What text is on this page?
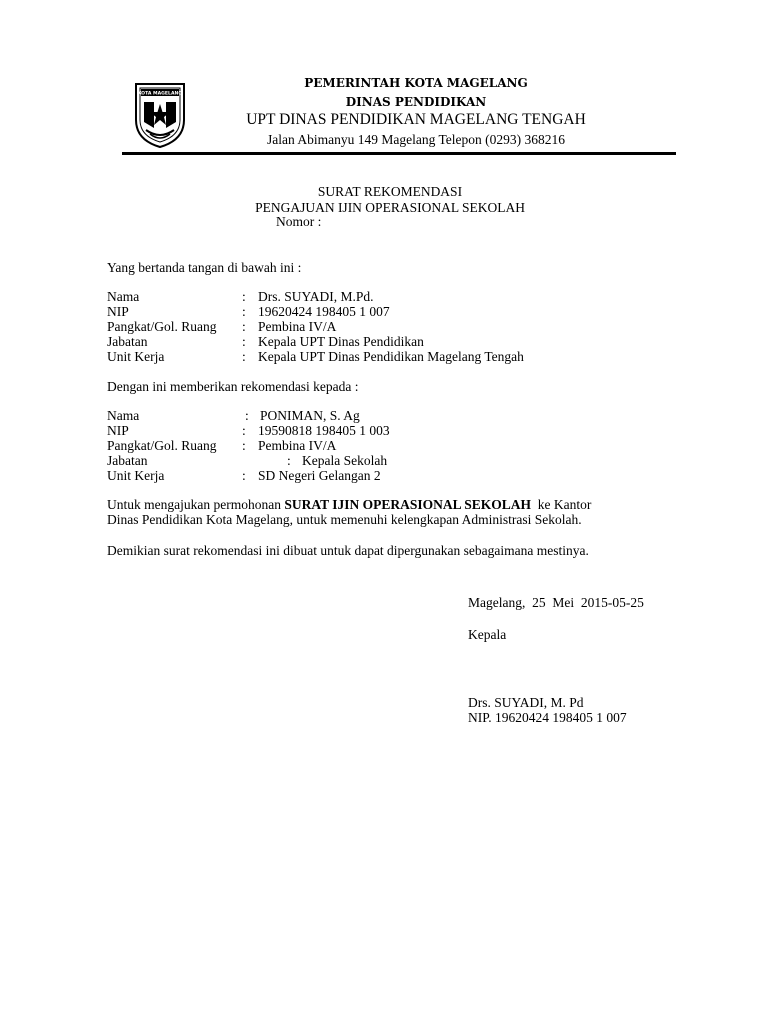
KOTA MAGELANG
PEMERINTAH KOTA MAGELANG
DINAS PENDIDIKAN
UPT DINAS PENDIDIKAN MAGELANG TENGAH
Jalan Abimanyu 149 Magelang Telepon (0293) 368216
SURAT REKOMENDASI
PENGAJUAN IJIN OPERASIONAL SEKOLAH
Nomor :
Yang bertanda tangan di bawah ini :
Nama	: Drs. SUYADI, M.Pd.
NIP	: 19620424 198405 1 007
Pangkat/Gol. Ruang : Pembina IV/A
Jabatan	: Kepala UPT Dinas Pendidikan
Unit Kerja	: Kepala UPT Dinas Pendidikan Magelang Tengah
Dengan ini memberikan rekomendasi kepada :
Nama	: PONIMAN, S. Ag
NIP	: 19590818 198405 1 003
Pangkat/Gol. Ruang : Pembina IV/A
Jabatan	: Kepala Sekolah
Unit Kerja	: SD Negeri Gelangan 2
Untuk mengajukan permohonan SURAT IJIN OPERASIONAL SEKOLAH  ke Kantor
Dinas Pendidikan Kota Magelang, untuk memenuhi kelengkapan Administrasi Sekolah.
Demikian surat rekomendasi ini dibuat untuk dapat dipergunakan sebagaimana mestinya.
Magelang,  25  Mei  2015-05-25
Kepala
Drs. SUYADI, M. Pd
NIP. 19620424 198405 1 007
